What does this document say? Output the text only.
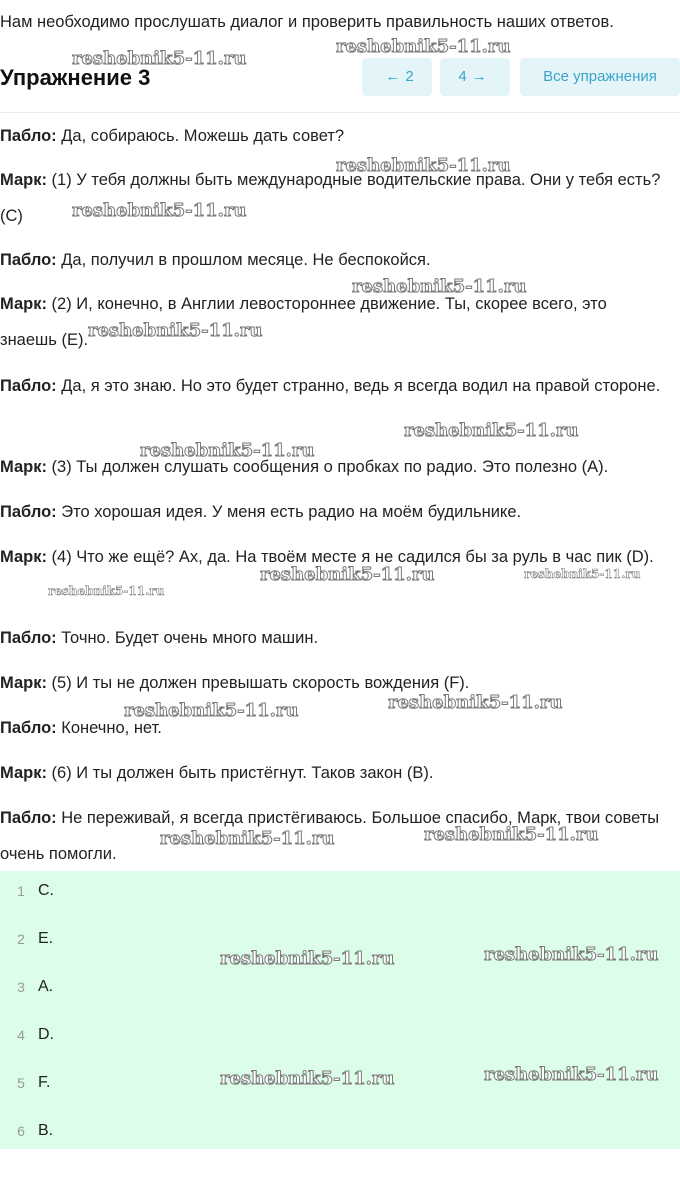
Нам необходимо прослушать диалог и проверить правильность наших ответов.
Упражнение 3	← 2	4 →	Все упражнения
Пабло: Да, собираюсь. Можешь дать совет?
Марк: (1) У тебя должны быть международные водительские права. Они у тебя есть? (C)
Пабло: Да, получил в прошлом месяце. Не беспокойся.
Марк: (2) И, конечно, в Англии левостороннее движение. Ты, скорее всего, это знаешь (E).
Пабло: Да, я это знаю. Но это будет странно, ведь я всегда водил на правой стороне.
Марк: (3) Ты должен слушать сообщения о пробках по радио. Это полезно (A).
Пабло: Это хорошая идея. У меня есть радио на моём будильнике.
Марк: (4) Что же ещё? Ах, да. На твоём месте я не садился бы за руль в час пик (D).
Пабло: Точно. Будет очень много машин.
Марк: (5) И ты не должен превышать скорость вождения (F).
Пабло: Конечно, нет.
Марк: (6) И ты должен быть пристёгнут. Таков закон (B).
Пабло: Не переживай, я всегда пристёгиваюсь. Большое спасибо, Марк, твои советы очень помогли.
1 C.
2 E.
3 A.
4 D.
5 F.
6 B.
reshebnik5-11.ru
reshebnik5-11.ru
reshebnik5-11.ru
reshebnik5-11.ru
reshebnik5-11.ru
reshebnik5-11.ru
reshebnik5-11.ru
reshebnik5-11.ru
reshebnik5-11.ru	reshebnik5-11.ru
reshebnik5-11.ru
reshebnik5-11.ru
reshebnik5-11.ru
reshebnik5-11.ru
reshebnik5-11.ru
reshebnik5-11.ru
reshebnik5-11.ru
reshebnik5-11.ru
reshebnik5-11.ru
